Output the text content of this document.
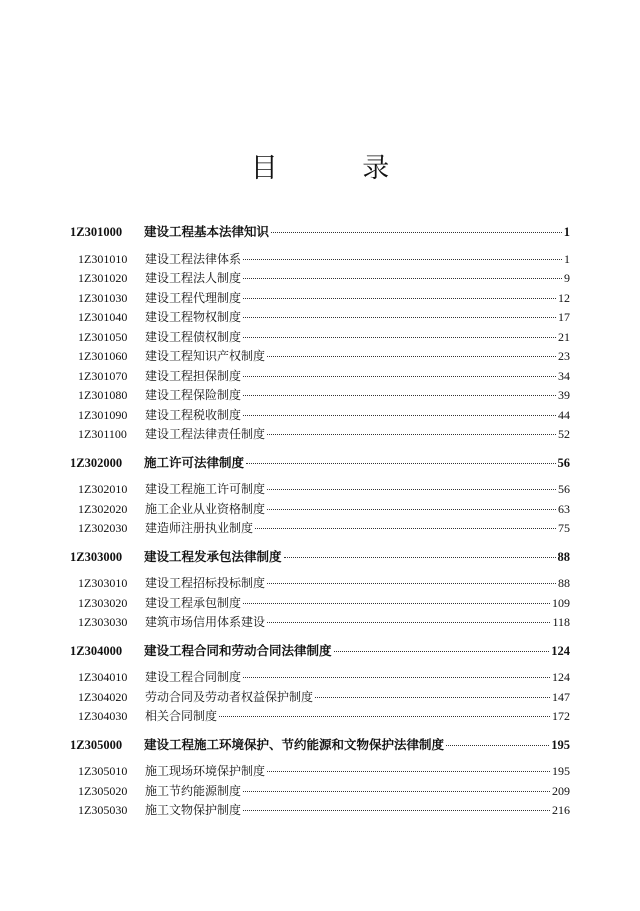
目 录
1Z301000	建设工程基本法律知识	1
1Z301010	建设工程法律体系	1
1Z301020	建设工程法人制度	9
1Z301030	建设工程代理制度	12
1Z301040	建设工程物权制度	17
1Z301050	建设工程债权制度	21
1Z301060	建设工程知识产权制度	23
1Z301070	建设工程担保制度	34
1Z301080	建设工程保险制度	39
1Z301090	建设工程税收制度	44
1Z301100	建设工程法律责任制度	52
1Z302000	施工许可法律制度	56
1Z302010	建设工程施工许可制度	56
1Z302020	施工企业从业资格制度	63
1Z302030	建造师注册执业制度	75
1Z303000	建设工程发承包法律制度	88
1Z303010	建设工程招标投标制度	88
1Z303020	建设工程承包制度	109
1Z303030	建筑市场信用体系建设	118
1Z304000	建设工程合同和劳动合同法律制度	124
1Z304010	建设工程合同制度	124
1Z304020	劳动合同及劳动者权益保护制度	147
1Z304030	相关合同制度	172
1Z305000	建设工程施工环境保护、节约能源和文物保护法律制度	195
1Z305010	施工现场环境保护制度	195
1Z305020	施工节约能源制度	209
1Z305030	施工文物保护制度	216
